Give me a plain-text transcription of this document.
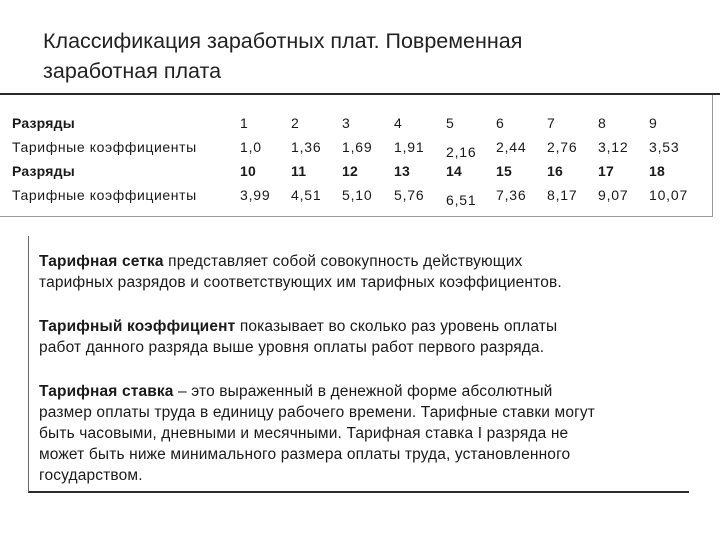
Классификация заработных плат. Повременная
заработная плата
Разряды	1	2	3	4	5	6	7	8	9
Тарифные коэффициенты	1,0 1,36 1,69 1,91 2,16 2,44 2,76 3,12 3,53
Разряды	10	11	12	13	14 15	16	17	18
Тарифные коэффициенты	3,99 4,51 5,10 5,76 6,51 7,36 8,17 9,07 10,07
Тарифная сетка представляет собой совокупность действующих
тарифных разрядов и соответствующих им тарифных коэффициентов.
Тарифный коэффициент показывает во сколько раз уровень оплаты
работ данного разряда выше уровня оплаты работ первого разряда.
Тарифная ставка – это выраженный в денежной форме абсолютный
размер оплаты труда в единицу рабочего времени. Тарифные ставки могут
быть часовыми, дневными и месячными. Тарифная ставка I разряда не
может быть ниже минимального размера оплаты труда, установленного
государством.
